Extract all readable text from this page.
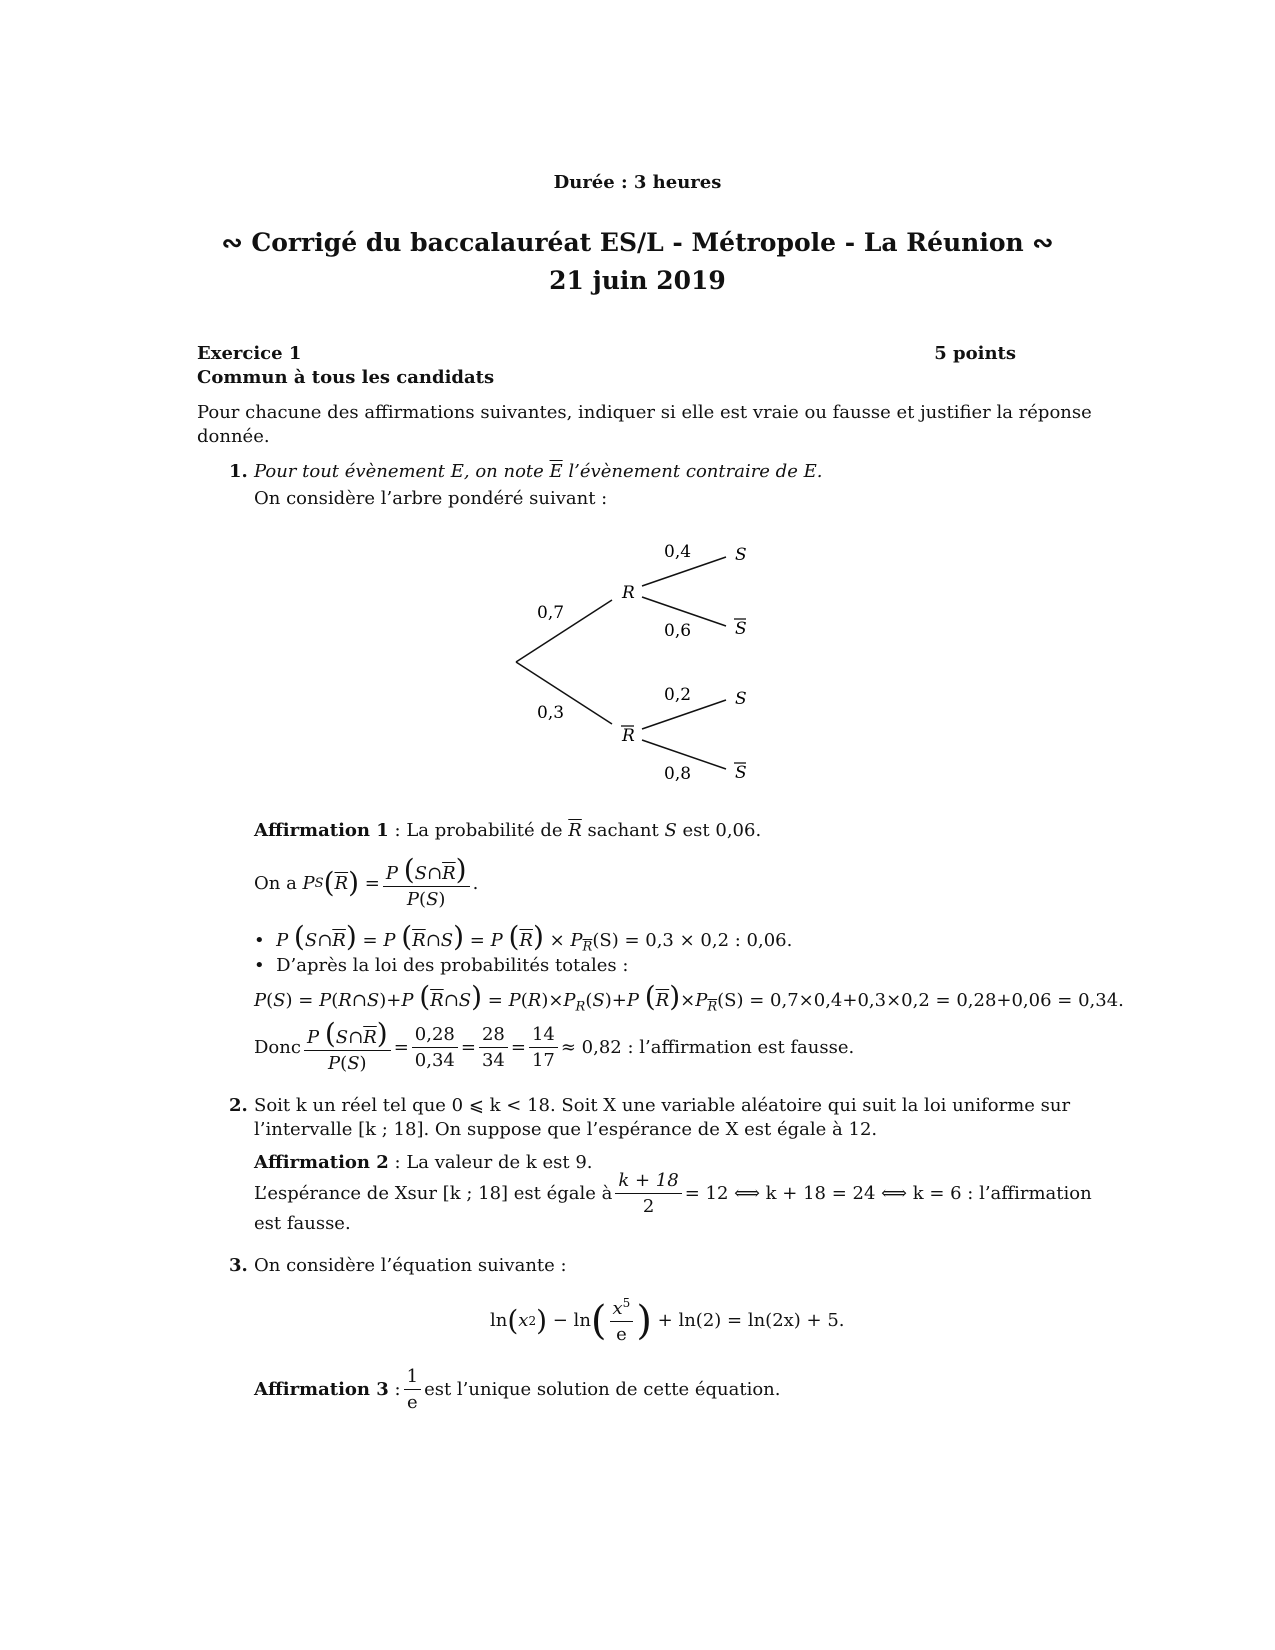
Durée : 3 heures
∾ Corrigé du baccalauréat ES/L - Métropole - La Réunion ∾
21 juin 2019
Exercice 1	5 points
Commun à tous les candidats
Pour chacune des affirmations suivantes, indiquer si elle est vraie ou fausse et justifier la réponse
donnée.
1. Pour tout évènement E, on note $\overline{E}$ l’évènement contraire de E.
On considère l’arbre pondéré suivant :
0,7
0,3
0,4
0,6
0,2
0,8
R
R
S
S
S
S
Affirmation 1 : La probabilité de $\overline{R}$ sachant S est 0,06.
On a
P S ( $\overline{R}$ ) = $\frac{P (S\cap\overline{R})}{P(S)}$ .
•  P $(S\cap\overline{R}) = P$ $(\overline{R}\cap S) = P$ $(\overline{R}) \times P_{\overline{R}}(S) = 0,3 \times 0,2$ : 0,06.
•  D’après la loi des probabilités totales :
P(S) = P(R∩S)+P $(\overline{R}\cap S) = P(R)\times P_R(S)+P$ $(\overline{R})\times P_{\overline{R}}(S) = 0,7\times 0,4+0,3\times 0,2 = 0,28+0,06 = 0,34$.
Donc $\frac{P (S\cap\overline{R})}{P(S)} = \frac{0,28}{0,34} = \frac{28}{34} = \frac{14}{17} \approx 0,82$ : l’affirmation est fausse.
2. Soit k un réel tel que 0 ⩽ k < 18. Soit X une variable aléatoire qui suit la loi uniforme sur
l’intervalle [k ; 18]. On suppose que l’espérance de X est égale à 12.
Affirmation 2 : La valeur de k est 9.
L’espérance de Xsur [k ; 18] est égale à $\frac{k + 18}{2} = 12$ ⟺ k + 18 = 24 ⟺ k = 6 : l’affirmation
est fausse.
3. On considère l’équation suivante :
ln ( x 2 ) − ln ( $\frac{x^5}{e}$ )
+ ln(2) = ln(2x) + 5.
Affirmation 3 : $\frac{1}{e}$ est l’unique solution de cette équation.
